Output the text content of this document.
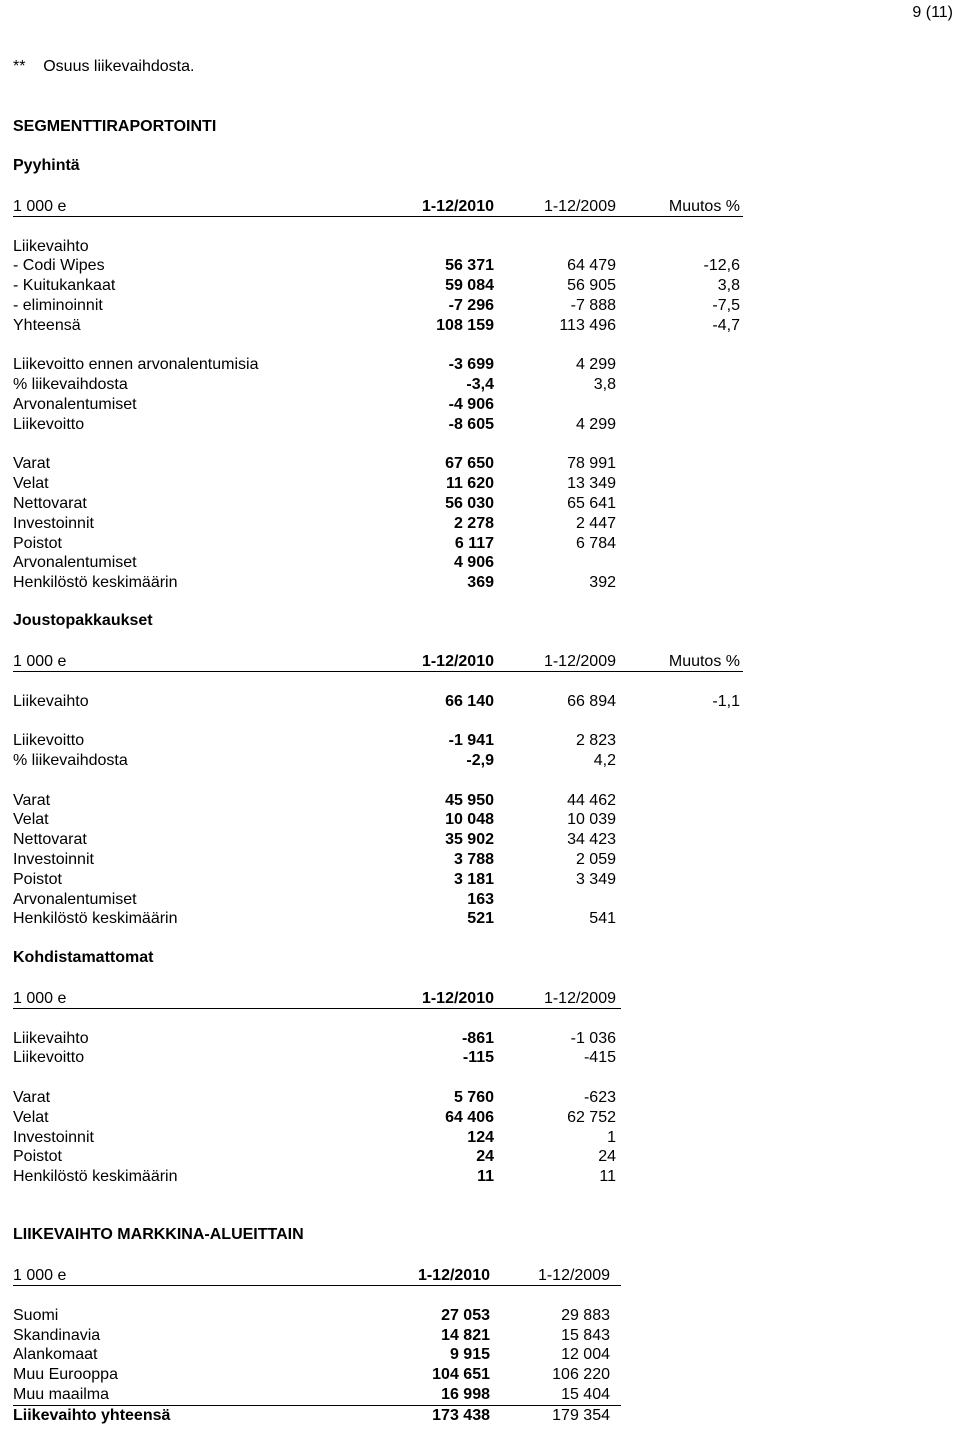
9 (11)
**    Osuus liikevaihdosta.
SEGMENTTIRAPORTOINTI
Pyyhintä
1 000 e	1-12/2010	1-12/2009	Muutos %
Liikevaihto
- Codi Wipes	56 371	64 479	-12,6
- Kuitukankaat	59 084	56 905	3,8
- eliminoinnit	-7 296	-7 888	-7,5
Yhteensä	108 159	113 496	-4,7
Liikevoitto ennen arvonalentumisia	-3 699	4 299
% liikevaihdosta	-3,4	3,8
Arvonalentumiset	-4 906
Liikevoitto	-8 605	4 299
Varat	67 650	78 991
Velat	11 620	13 349
Nettovarat	56 030	65 641
Investoinnit	2 278	2 447
Poistot	6 117	6 784
Arvonalentumiset	4 906
Henkilöstö keskimäärin	369	392
Joustopakkaukset
1 000 e	1-12/2010	1-12/2009	Muutos %
Liikevaihto	66 140	66 894	-1,1
Liikevoitto	-1 941	2 823
% liikevaihdosta	-2,9	4,2
Varat	45 950	44 462
Velat	10 048	10 039
Nettovarat	35 902	34 423
Investoinnit	3 788	2 059
Poistot	3 181	3 349
Arvonalentumiset	163
Henkilöstö keskimäärin	521	541
Kohdistamattomat
1 000 e	1-12/2010	1-12/2009
Liikevaihto	-861	-1 036
Liikevoitto	-115	-415
Varat	5 760	-623
Velat	64 406	62 752
Investoinnit	124	1
Poistot	24	24
Henkilöstö keskimäärin	11	11
LIIKEVAIHTO MARKKINA-ALUEITTAIN
1 000 e	1-12/2010	1-12/2009
Suomi	27 053	29 883
Skandinavia	14 821	15 843
Alankomaat	9 915	12 004
Muu Eurooppa	104 651	106 220
Muu maailma	16 998	15 404
Liikevaihto yhteensä	173 438	179 354
